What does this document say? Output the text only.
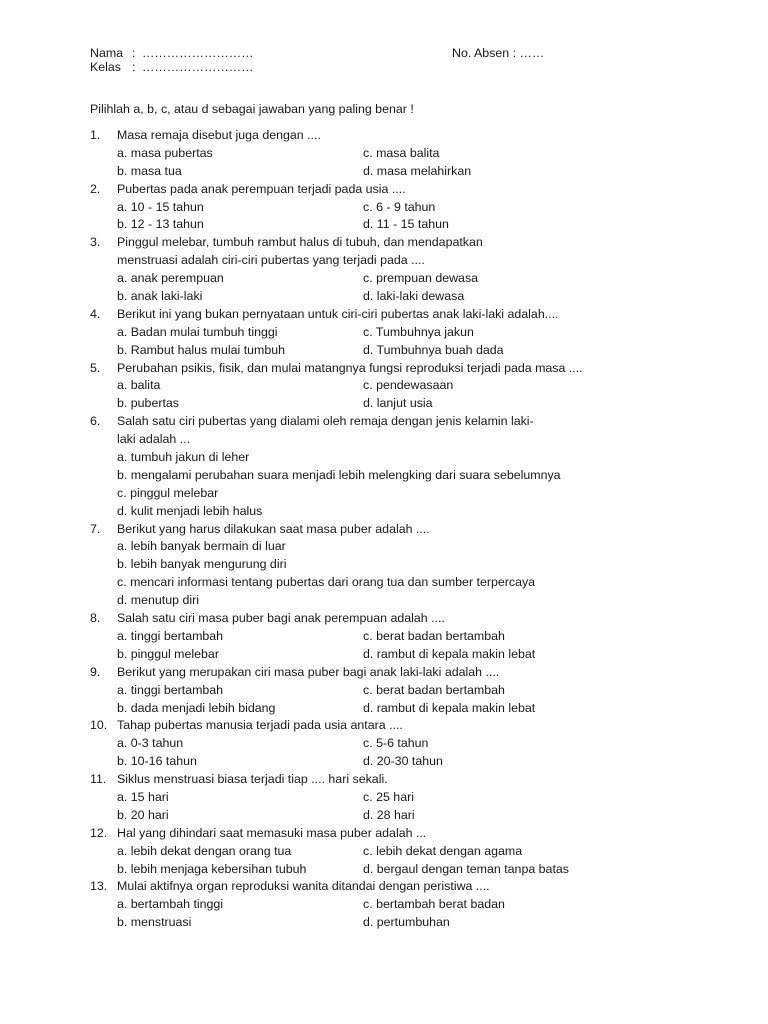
Nama : ………………………
Kelas : ………………………
No. Absen : ……
Pilihlah a, b, c, atau d sebagai jawaban yang paling benar !
1.	Masa remaja disebut juga dengan ....
a. masa pubertas	c. masa balita
b. masa tua	d. masa melahirkan
2.	Pubertas pada anak perempuan terjadi pada usia ....
a. 10 - 15 tahun	c. 6 - 9 tahun
b. 12 - 13 tahun	d. 11 - 15 tahun
3.	Pinggul melebar, tumbuh rambut halus di tubuh, dan mendapatkan
menstruasi adalah ciri-ciri pubertas yang terjadi pada ....
a. anak perempuan	c. prempuan dewasa
b. anak laki-laki	d. laki-laki dewasa
4.	Berikut ini yang bukan pernyataan untuk ciri-ciri pubertas anak laki-laki adalah....
a. Badan mulai tumbuh tinggi	c. Tumbuhnya jakun
b. Rambut halus mulai tumbuh	d. Tumbuhnya buah dada
5.	Perubahan psikis, fisik, dan mulai matangnya fungsi reproduksi terjadi pada masa ....
a. balita	c. pendewasaan
b. pubertas	d. lanjut usia
6.	Salah satu ciri pubertas yang dialami oleh remaja dengan jenis kelamin laki-
laki adalah ...
a. tumbuh jakun di leher
b. mengalami perubahan suara menjadi lebih melengking dari suara sebelumnya
c. pinggul melebar
d. kulit menjadi lebih halus
7.	Berikut yang harus dilakukan saat masa puber adalah ....
a. lebih banyak bermain di luar
b. lebih banyak mengurung diri
c. mencari informasi tentang pubertas dari orang tua dan sumber terpercaya
d. menutup diri
8.	Salah satu ciri masa puber bagi anak perempuan adalah ....
a. tinggi bertambah	c. berat badan bertambah
b. pinggul melebar	d. rambut di kepala makin lebat
9.	Berikut yang merupakan ciri masa puber bagi anak laki-laki adalah ....
a. tinggi bertambah	c. berat badan bertambah
b. dada menjadi lebih bidang	d. rambut di kepala makin lebat
10. Tahap pubertas manusia terjadi pada usia antara ....
a. 0-3 tahun	c. 5-6 tahun
b. 10-16 tahun	d. 20-30 tahun
11. Siklus menstruasi biasa terjadi tiap .... hari sekali.
a. 15 hari	c. 25 hari
b. 20 hari	d. 28 hari
12. Hal yang dihindari saat memasuki masa puber adalah ...
a. lebih dekat dengan orang tua	c. lebih dekat dengan agama
b. lebih menjaga kebersihan tubuh	d. bergaul dengan teman tanpa batas
13. Mulai aktifnya organ reproduksi wanita ditandai dengan peristiwa ....
a. bertambah tinggi	c. bertambah berat badan
b. menstruasi	d. pertumbuhan
